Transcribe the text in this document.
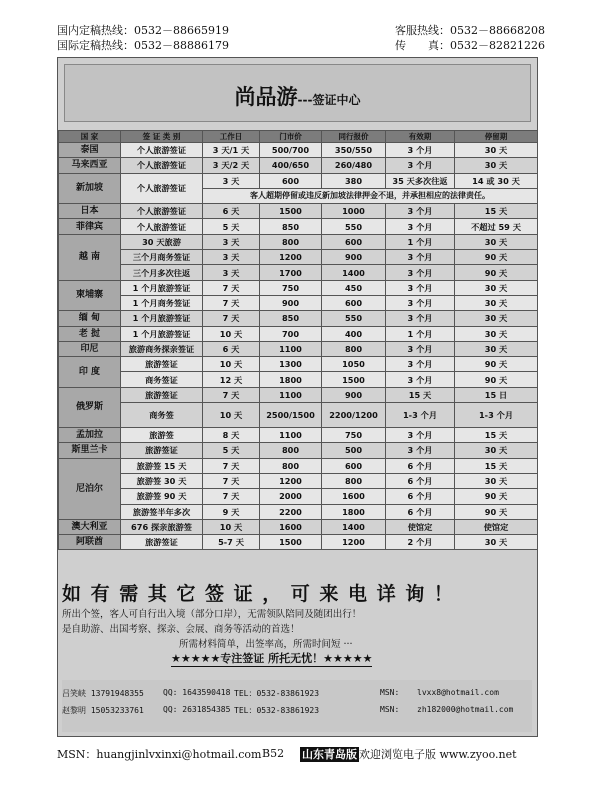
国内定稿热线：0532－88665919
国际定稿热线：0532－88886179
客服热线：0532－88668208
传　　真：0532－82821226
尚品游---签证中心
国 家	签 证 类 别	工作日	门市价	同行报价	有效期	停留期
泰国	个人旅游签证	3 天/1 天	500/700	350/550	3 个月	30 天
马来西亚	个人旅游签证	3 天/2 天	400/650	260/480	3 个月	30 天
新加坡	个人旅游签证	3 天	600	380	35 天多次往返	14 或 30 天
		客人超期停留或违反新加坡法律押金不退，并承担相应的法律责任。				
日本	个人旅游签证	6 天	1500	1000	3 个月	15 天
菲律宾	个人旅游签证	5 天	850	550	3 个月	不超过 59 天
越 南	30 天旅游	3 天	800	600	1 个月	30 天
	三个月商务签证	3 天	1200	900	3 个月	90 天
	三个月多次往返	3 天	1700	1400	3 个月	90 天
柬埔寨	1 个月旅游签证	7 天	750	450	3 个月	30 天
	1 个月商务签证	7 天	900	600	3 个月	30 天
缅 甸	1 个月旅游签证	7 天	850	550	3 个月	30 天
老 挝	1 个月旅游签证	10 天	700	400	1 个月	30 天
印尼	旅游商务探亲签证	6 天	1100	800	3 个月	30 天
印 度	旅游签证	10 天	1300	1050	3 个月	90 天
	商务签证	12 天	1800	1500	3 个月	90 天
俄罗斯	旅游签证	7 天	1100	900	15 天	15 日
	商务签	10 天	2500/1500	2200/1200	1-3 个月	1-3 个月
孟加拉	旅游签	8 天	1100	750	3 个月	15 天
斯里兰卡	旅游签证	5 天	800	500	3 个月	30 天
尼泊尔	旅游签 15 天	7 天	800	600	6 个月	15 天
	旅游签 30 天	7 天	1200	800	6 个月	30 天
	旅游签 90 天	7 天	2000	1600	6 个月	90 天
	旅游签半年多次	9 天	2200	1800	6 个月	90 天
澳大利亚	676 探亲旅游签	10 天	1600	1400	使馆定	使馆定
阿联酋	旅游签证	5-7 天	1500	1200	2 个月	30 天
如有需其它签证，可来电详询！
所出个签，客人可自行出入境（部分口岸），无需领队陪同及随团出行！
是自助游、出国考察、探亲、会展、商务等活动的首选！
所需材料简单，出签率高，所需时间短 ···
★★★★★专注签证 所托无忧！★★★★★
吕笑峡 13791948355 QQ: 1643590418 TEL：0532-83861923	MSN: lvxx8@hotmail.com
赵黎明 15053233761 QQ: 2631854385 TEL：0532-83861923	MSN: zh182000@hotmail.com
MSN：huangjinlvxinxi@hotmail.com B52 山东青岛版 欢迎浏览电子版 www.zyoo.net
